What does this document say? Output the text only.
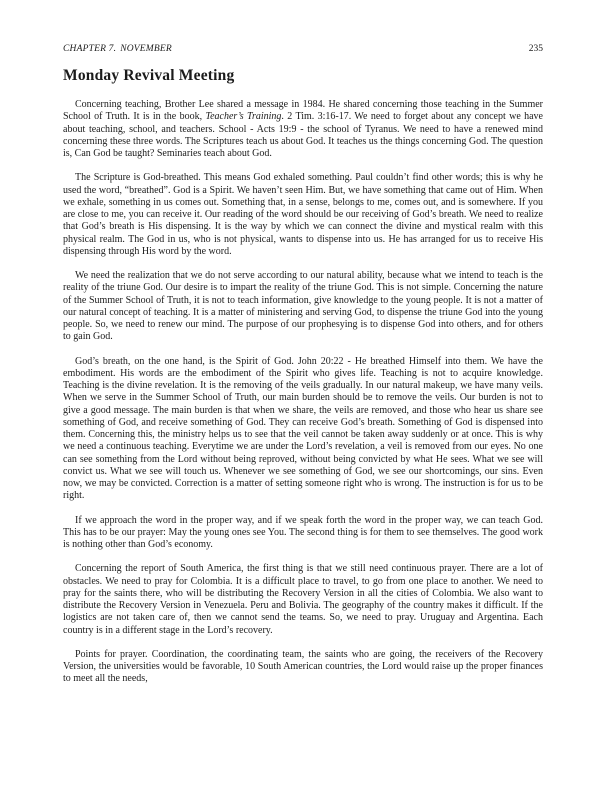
CHAPTER 7. NOVEMBER	235
Monday Revival Meeting

Concerning teaching, Brother Lee shared a message in 1984. He shared concerning those teaching in the Summer School of Truth. It is in the book, Teacher’s Training. 2 Tim. 3:16-17. We need to forget about any concept we have about teaching, school, and teachers. School - Acts 19:9 - the school of Tyranus. We need to have a renewed mind concerning these three words. The Scriptures teach us about God. It teaches us the things concerning God. The question is, Can God be taught? Seminaries teach about God.

The Scripture is God-breathed. This means God exhaled something. Paul couldn’t find other words; this is why he used the word, “breathed”. God is a Spirit. We haven’t seen Him. But, we have something that came out of Him. When we exhale, something in us comes out. Something that, in a sense, belongs to me, comes out, and is somewhere. If you are close to me, you can receive it. Our reading of the word should be our receiving of God’s breath. We need to realize that God’s breath is His dispensing. It is the way by which we can connect the divine and mystical realm with this physical realm. The God in us, who is not physical, wants to dispense into us. He has arranged for us to receive His dispensing through His word by the word.

We need the realization that we do not serve according to our natural ability, because what we intend to teach is the reality of the triune God. Our desire is to impart the reality of the triune God. This is not simple. Concerning the nature of the Summer School of Truth, it is not to teach information, give knowledge to the young people. It is not a matter of our natural concept of teaching. It is a matter of ministering and serving God, to dispense the triune God into the young people. So, we need to renew our mind. The purpose of our prophesying is to dispense God into others, and for others to gain God.

God’s breath, on the one hand, is the Spirit of God. John 20:22 - He breathed Himself into them. We have the embodiment. His words are the embodiment of the Spirit who gives life. Teaching is not to acquire knowledge. Teaching is the divine revelation. It is the removing of the veils gradually. In our natural makeup, we have many veils. When we serve in the Summer School of Truth, our main burden should be to remove the veils. Our burden is not to give a good message. The main burden is that when we share, the veils are removed, and those who hear us share see something of God, and receive something of God. They can receive God’s breath. Something of God is dispensed into them. Concerning this, the ministry helps us to see that the veil cannot be taken away suddenly or at once. This is why we need a continuous teaching. Everytime we are under the Lord’s revelation, a veil is removed from our eyes. No one can see something from the Lord without being reproved, without being convicted by what He sees. What we see will convict us. What we see will touch us. Whenever we see something of God, we see our shortcomings, our sins. Even now, we may be convicted. Correction is a matter of setting someone right who is wrong. The instruction is for us to be right.

If we approach the word in the proper way, and if we speak forth the word in the proper way, we can teach God. This has to be our prayer: May the young ones see You. The second thing is for them to see themselves. The good work is nothing other than God’s economy.

Concerning the report of South America, the first thing is that we still need continuous prayer. There are a lot of obstacles. We need to pray for Colombia. It is a difficult place to travel, to go from one place to another. We need to pray for the saints there, who will be distributing the Recovery Version in all the cities of Colombia. We also want to distribute the Recovery Version in Venezuela. Peru and Bolivia. The geography of the country makes it difficult. If the logistics are not taken care of, then we cannot send the teams. So, we need to pray. Uruguay and Argentina. Each country is in a different stage in the Lord’s recovery.

Points for prayer. Coordination, the coordinating team, the saints who are going, the receivers of the Recovery Version, the universities would be favorable, 10 South American countries, the Lord would raise up the proper finances to meet all the needs,
